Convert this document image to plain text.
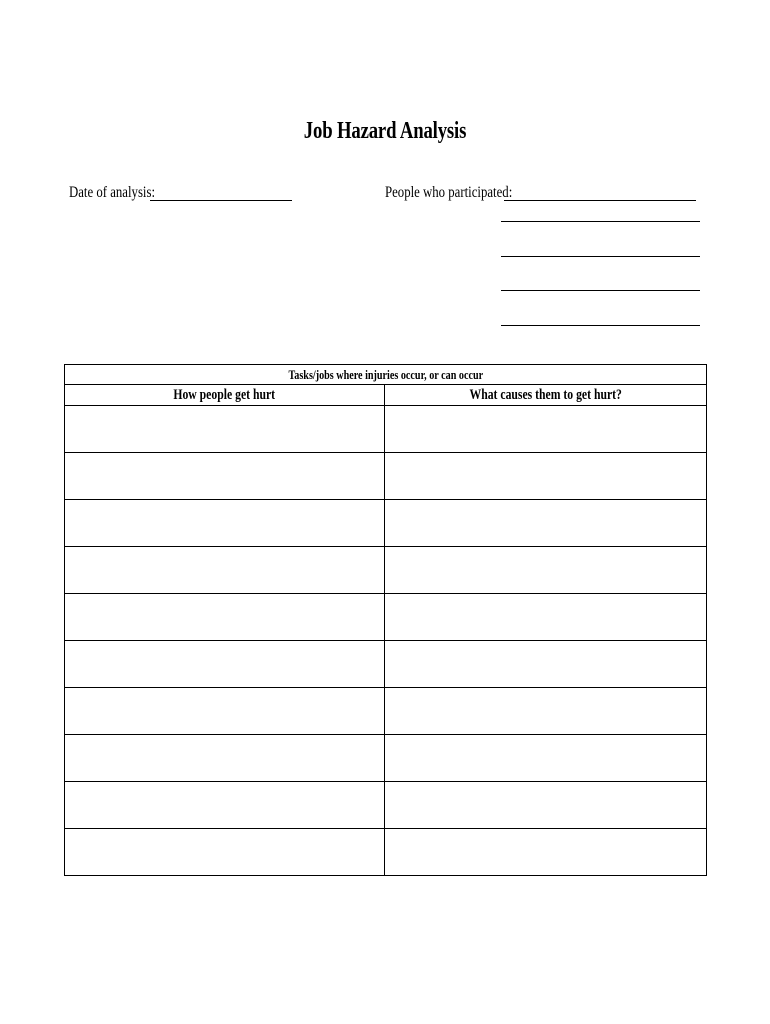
Job Hazard Analysis
Date of analysis:	People who participated:
Tasks/jobs where injuries occur, or can occur	
How people get hurt	What causes them to get hurt?
